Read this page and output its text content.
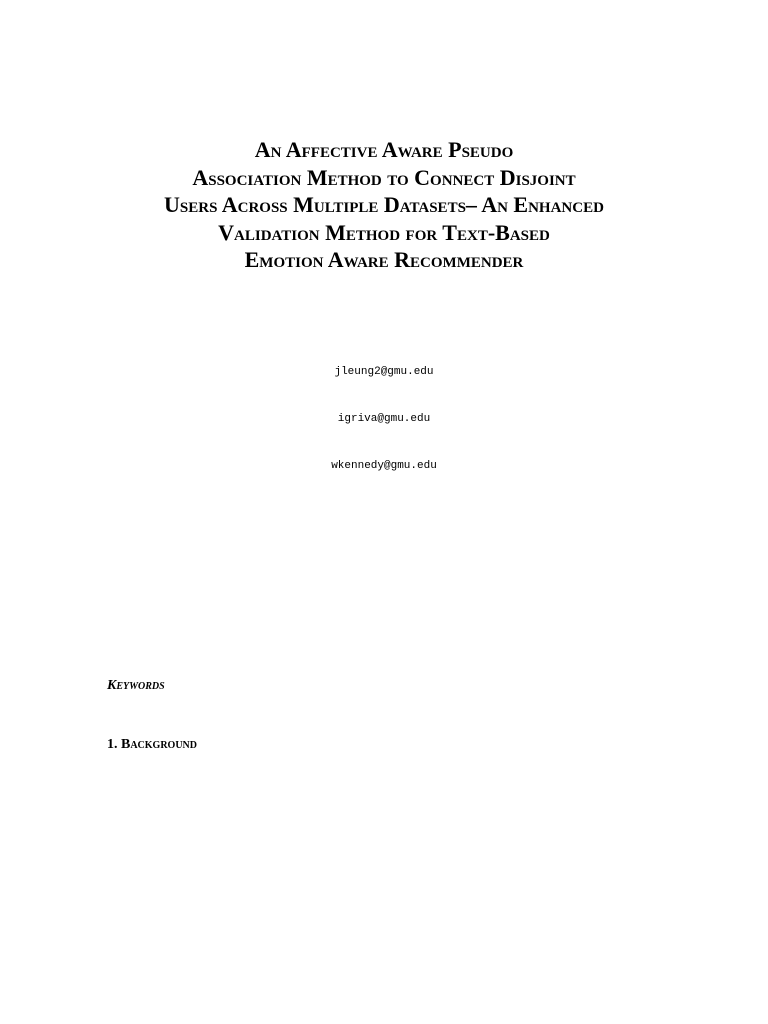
An Affective Aware Pseudo
Association Method to Connect Disjoint
Users Across Multiple Datasets– An Enhanced
Validation Method for Text-Based
Emotion Aware Recommender
jleung2@gmu.edu
igriva@gmu.edu
wkennedy@gmu.edu
Keywords
1. Background
